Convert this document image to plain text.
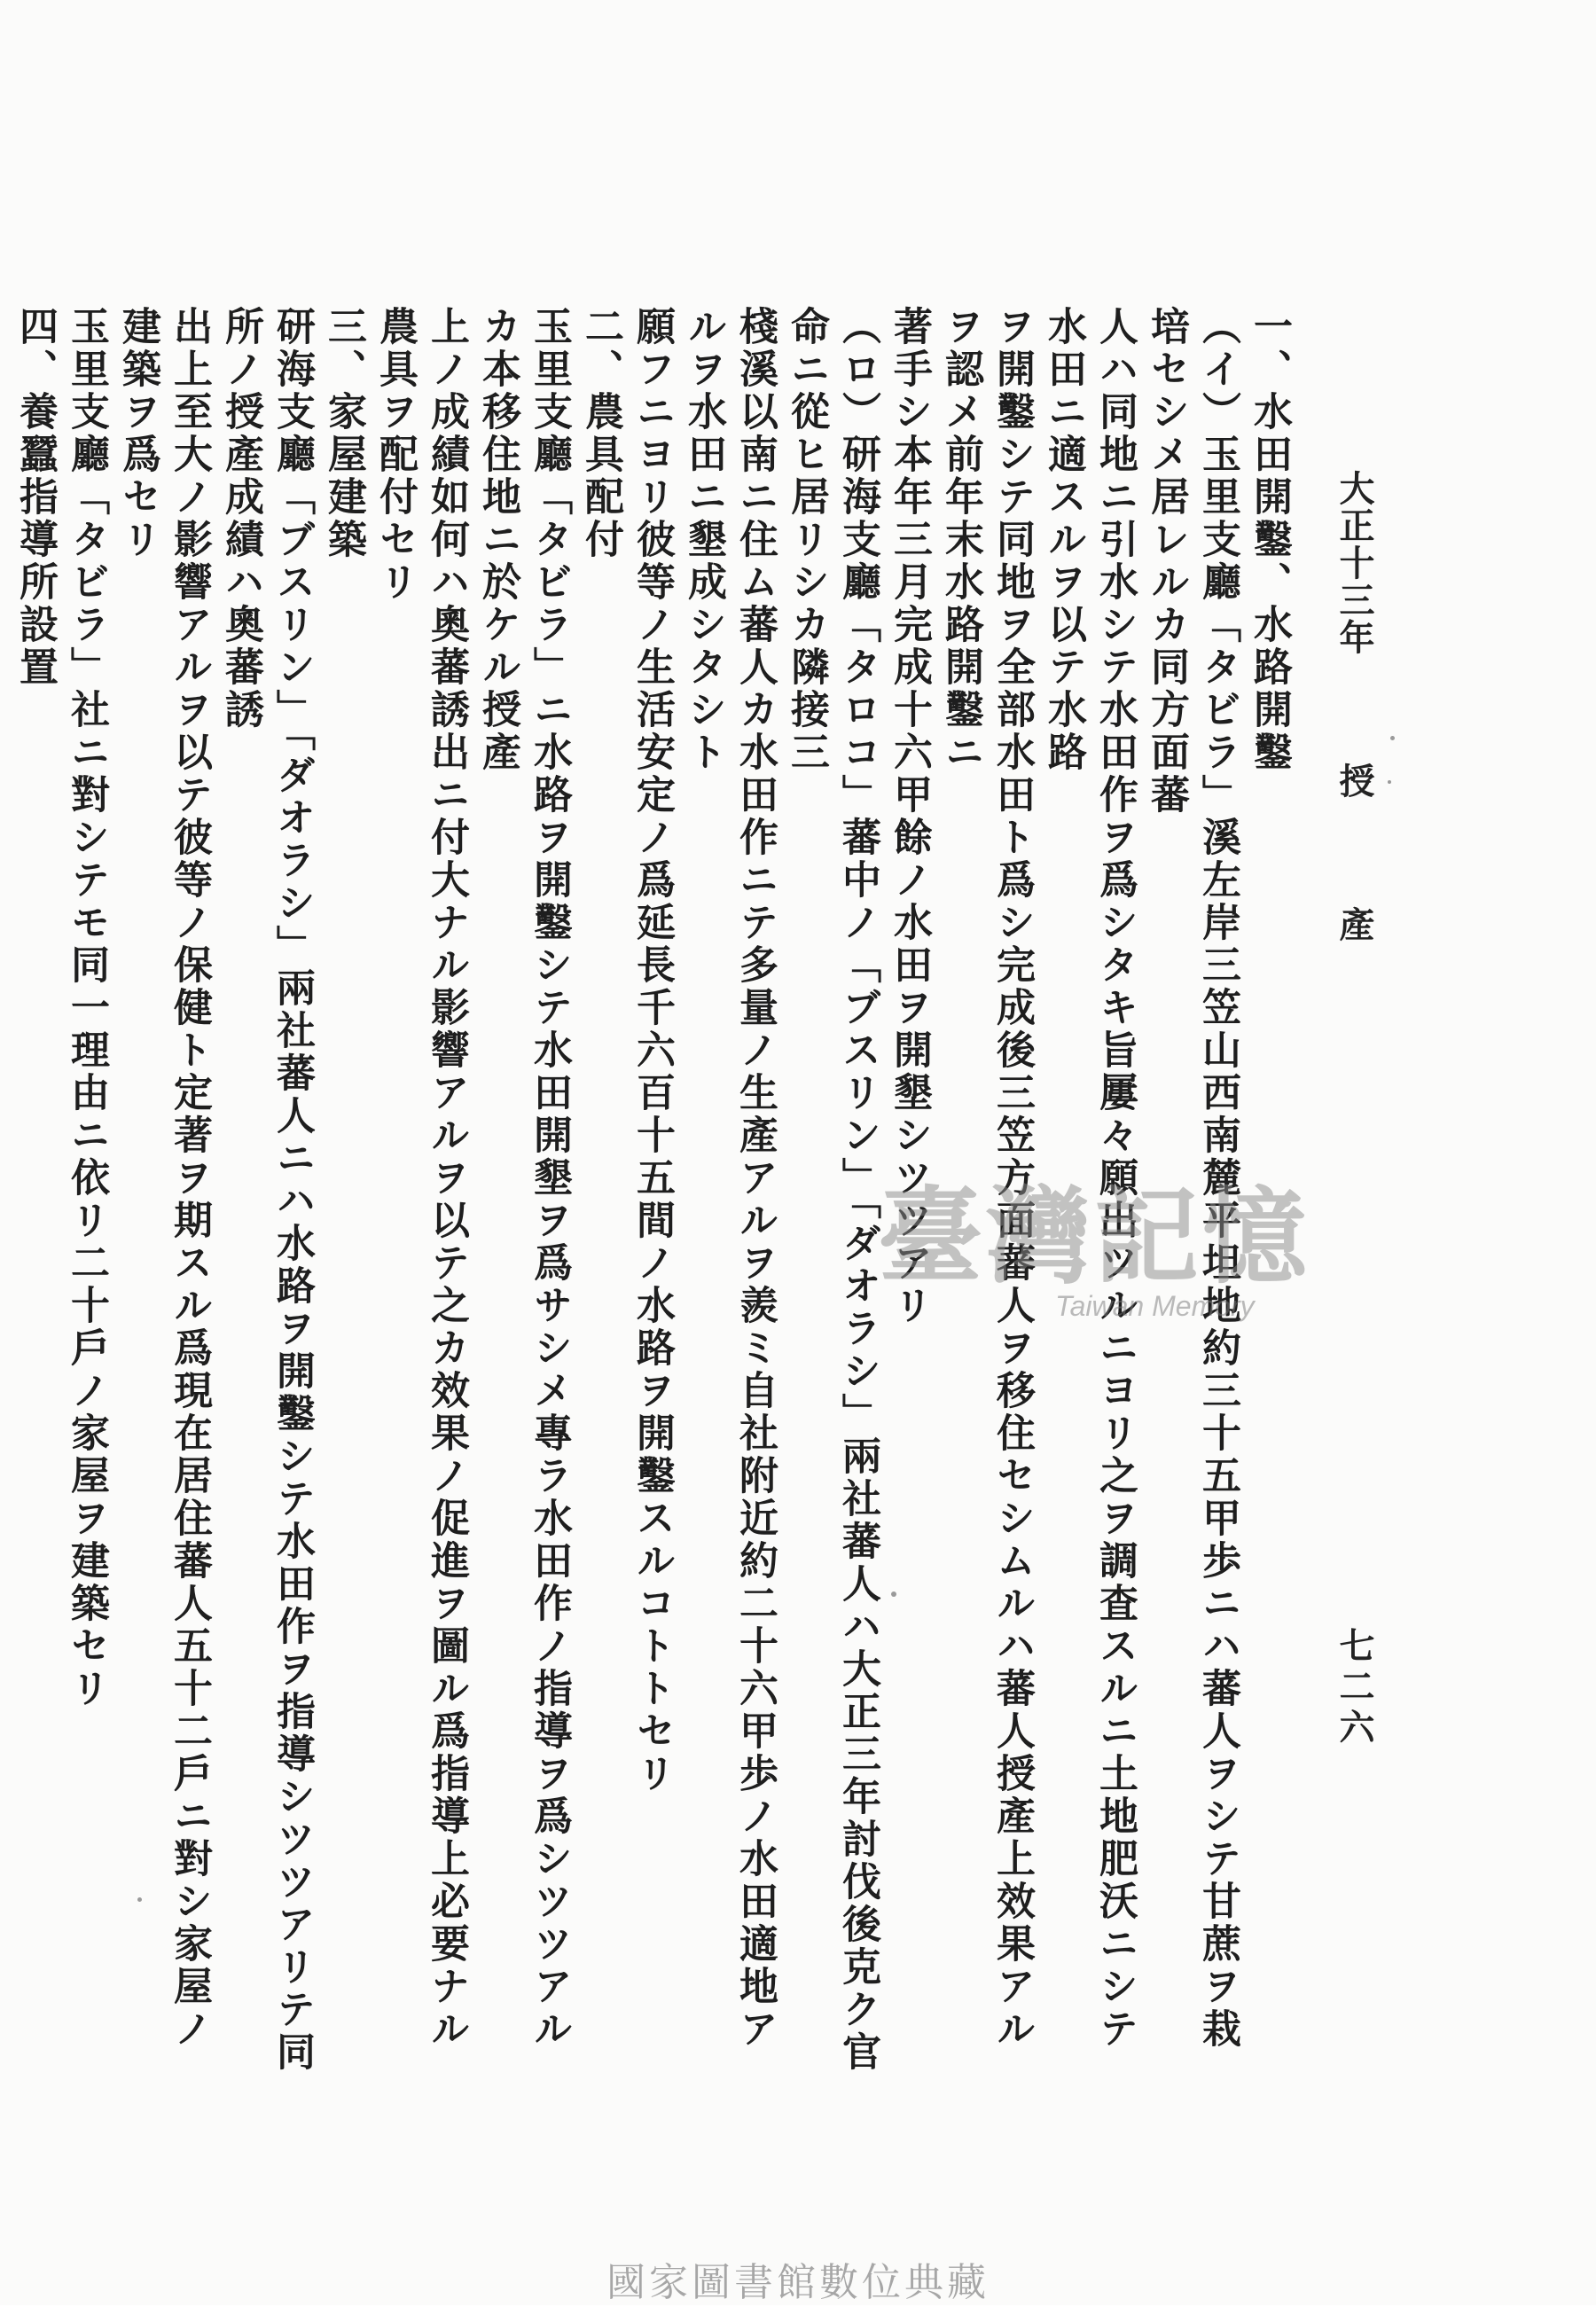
大正十三年授產
七二六
一、水田開鑿、水路開鑿
（イ）玉里支廳「タビラ」溪左岸三笠山西南麓平坦地約三十五甲歩ニハ蕃人ヲシテ甘蔗ヲ栽培セシメ居レルカ同方面蕃
人ハ同地ニ引水シテ水田作ヲ爲シタキ旨屢々願出ツルニヨリ之ヲ調査スルニ土地肥沃ニシテ水田ニ適スルヲ以テ水路
ヲ開鑿シテ同地ヲ全部水田ト爲シ完成後三笠方面蕃人ヲ移住セシムルハ蕃人授產上效果アルヲ認メ前年末水路開鑿ニ
著手シ本年三月完成十六甲餘ノ水田ヲ開墾シツツアリ
（ロ）研海支廳「タロコ」蕃中ノ「ブスリン」「ダオラシ」兩社蕃人ハ大正三年討伐後克ク官命ニ從ヒ居リシカ隣接三
棧溪以南ニ住ム蕃人カ水田作ニテ多量ノ生產アルヲ羨ミ自社附近約二十六甲歩ノ水田適地アルヲ水田ニ墾成シタシト
願フニヨリ彼等ノ生活安定ノ爲延長千六百十五間ノ水路ヲ開鑿スルコトトセリ
二、農具配付
玉里支廳「タビラ」ニ水路ヲ開鑿シテ水田開墾ヲ爲サシメ專ラ水田作ノ指導ヲ爲シツツアルカ本移住地ニ於ケル授產
上ノ成績如何ハ奧蕃誘出ニ付大ナル影響アルヲ以テ之カ效果ノ促進ヲ圖ル爲指導上必要ナル農具ヲ配付セリ
三、家屋建築
研海支廳「ブスリン」「ダオラシ」兩社蕃人ニハ水路ヲ開鑿シテ水田作ヲ指導シツツアリテ同所ノ授產成績ハ奧蕃誘
出上至大ノ影響アルヲ以テ彼等ノ保健ト定著ヲ期スル爲現在居住蕃人五十二戶ニ對シ家屋ノ建築ヲ爲セリ
玉里支廳「タビラ」社ニ對シテモ同一理由ニ依リ二十戶ノ家屋ヲ建築セリ
四、養蠶指導所設置
臺灣記憶
Taiwan Memory
國家圖書館數位典藏
